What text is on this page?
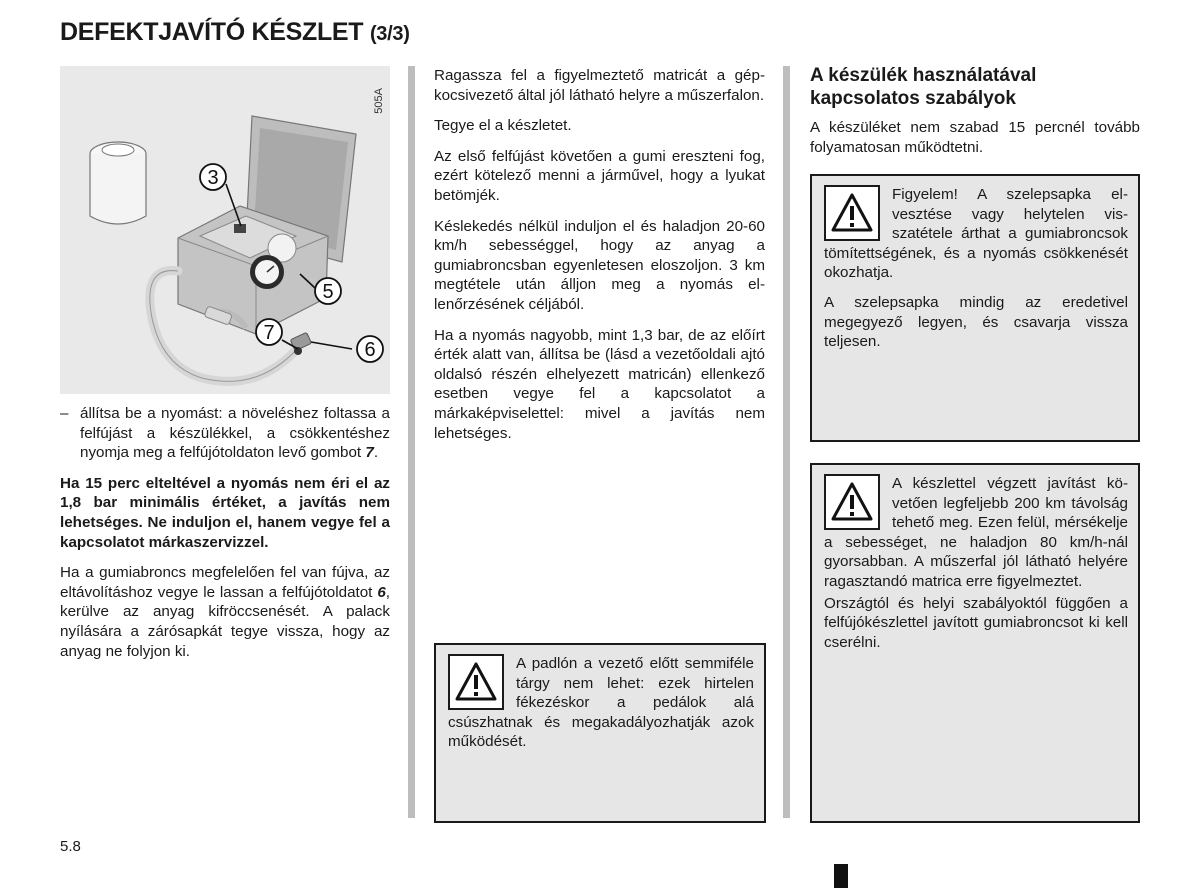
DEFEKTJAVÍTÓ KÉSZLET (3/3)
3
5
7
6
505A
– állítsa be a nyomást: a növeléshez foltassa a felfújást a készülékkel, a csökkentéshez nyomja meg a felfújótoldaton levő gombot 7.

Ha 15 perc elteltével a nyomás nem éri el az 1,8 bar minimális értéket, a javítás nem lehetséges. Ne induljon el, hanem vegye fel a kapcsolatot márkaszervizzel.

Ha a gumiabroncs megfelelően fel van fújva, az eltávolításhoz vegye le lassan a felfújótoldatot 6, kerülve az anyag kifröccsenését. A palack nyílására a zárósapkát tegye vissza, hogy az anyag ne folyjon ki.

Ragassza fel a figyelmeztető matricát a gépkocsivezető által jól látható helyre a műszerfalon.

Tegye el a készletet.

Az első felfújást követően a gumi ereszteni fog, ezért kötelező menni a járművel, hogy a lyukat betömjék.

Késlekedés nélkül induljon el és haladjon 20-60 km/h sebességgel, hogy az anyag a gumiabroncsban egyenletesen eloszoljon. 3 km megtétele után álljon meg a nyomás ellenőrzésének céljából.

Ha a nyomás nagyobb, mint 1,3 bar, de az előírt érték alatt van, állítsa be (lásd a vezetőoldali ajtó oldalsó részén elhelyezett matricán) ellenkező esetben vegye fel a kapcsolatot a márkaképviselettel: mivel a javítás nem lehetséges.

A padlón a vezető előtt semmiféle tárgy nem lehet: ezek hirtelen fékezéskor a pedálok alá csúszhatnak és megakadályozhatják azok működését.

A készülék használatával kapcsolatos szabályok

A készüléket nem szabad 15 percnél tovább folyamatosan működtetni.

Figyelem! A szelepsapka elvesztése vagy helytelen visszatétele árthat a gumiabroncsok tömítettségének, és a nyomás csökkenését okozhatja.

A szelepsapka mindig az eredetivel megegyező legyen, és csavarja vissza teljesen.

A készlettel végzett javítást követően legfeljebb 200 km távolság tehető meg. Ezen felül, mérsékelje a sebességet, ne haladjon 80 km/h-nál gyorsabban. A műszerfal jól látható helyére ragasztandó matrica erre figyelmeztet.

Országtól és helyi szabályoktól függően a felfújókészlettel javított gumiabroncsot ki kell cserélni.

5.8
